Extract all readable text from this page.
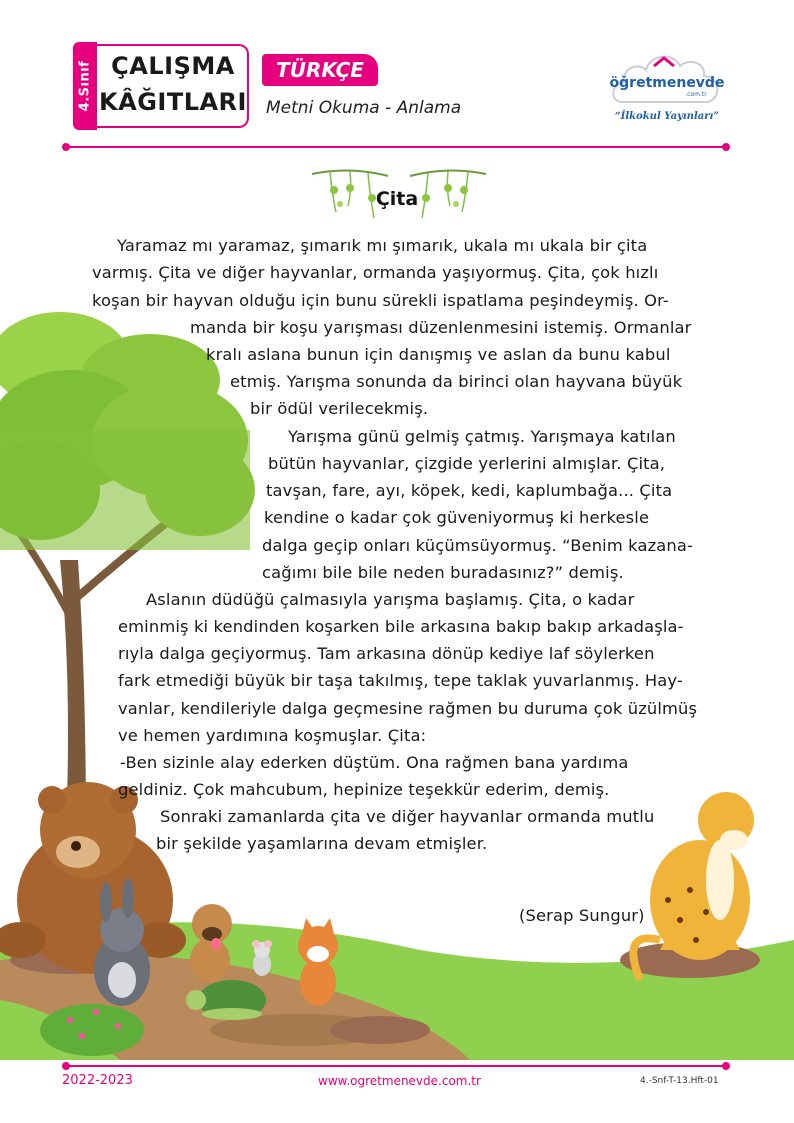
4.Sınıf ÇALIŞMA
KÂĞITLARI
TÜRKÇE
Metni Okuma - Anlama
öğretmenevde
.com.tr
“İlkokul Yayınları”
Çita
Yaramaz mı yaramaz, şımarık mı şımarık, ukala mı ukala bir çita
varmış. Çita ve diğer hayvanlar, ormanda yaşıyormuş. Çita, çok hızlı
koşan bir hayvan olduğu için bunu sürekli ispatlama peşindeymiş. Or-
manda bir koşu yarışması düzenlenmesini istemiş. Ormanlar
kralı aslana bunun için danışmış ve aslan da bunu kabul
etmiş. Yarışma sonunda da birinci olan hayvana büyük
bir ödül verilecekmiş.
Yarışma günü gelmiş çatmış. Yarışmaya katılan
bütün hayvanlar, çizgide yerlerini almışlar. Çita,
tavşan, fare, ayı, köpek, kedi, kaplumbağa... Çita
kendine o kadar çok güveniyormuş ki herkesle
dalga geçip onları küçümsüyormuş. “Benim kazana-
cağımı bile bile neden buradasınız?” demiş.
Aslanın düdüğü çalmasıyla yarışma başlamış. Çita, o kadar
eminmiş ki kendinden koşarken bile arkasına bakıp bakıp arkadaşla-
rıyla dalga geçiyormuş. Tam arkasına dönüp kediye laf söylerken
fark etmediği büyük bir taşa takılmış, tepe taklak yuvarlanmış. Hay-
vanlar, kendileriyle dalga geçmesine rağmen bu duruma çok üzülmüş
ve hemen yardımına koşmuşlar. Çita:
-Ben sizinle alay ederken düştüm. Ona rağmen bana yardıma
geldiniz. Çok mahcubum, hepinize teşekkür ederim, demiş.
Sonraki zamanlarda çita ve diğer hayvanlar ormanda mutlu
bir şekilde yaşamlarına devam etmişler.
(Serap Sungur)
2022-2023	www.ogretmenevde.com.tr	4.-Snf-T-13.Hft-01
